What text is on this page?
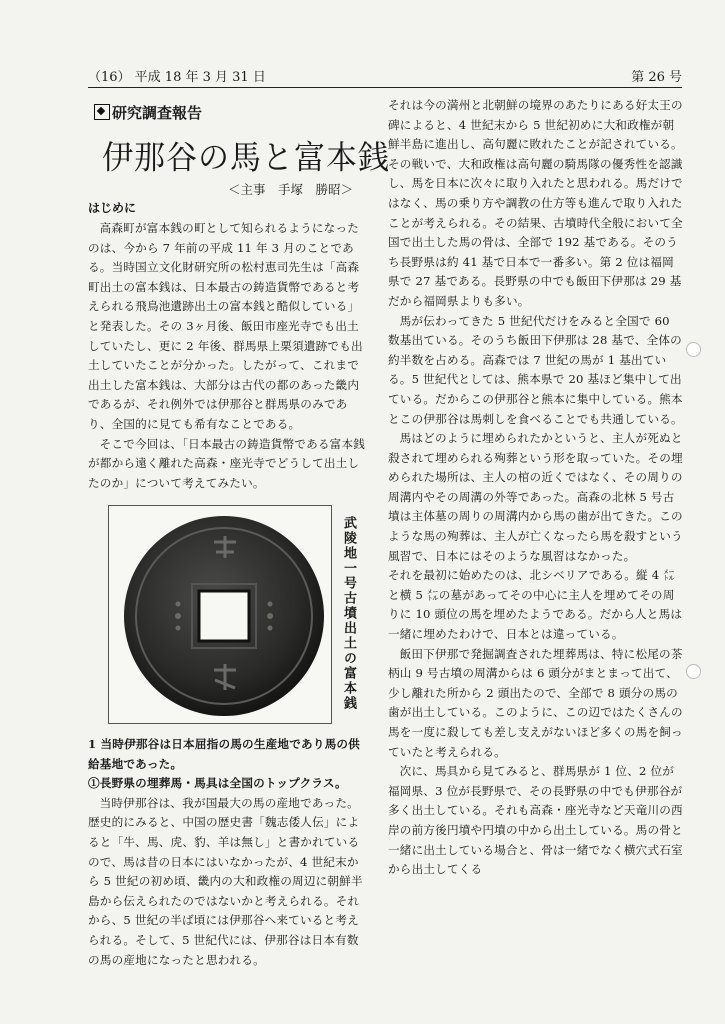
（16） 平成 18 年 3 月 31 日	第 26 号
研究調査報告
伊那谷の馬と富本銭
＜主事　手塚　勝昭＞
はじめに

高森町が富本銭の町として知られるようになったのは、今から 7 年前の平成 11 年 3 月のことである。当時国立文化財研究所の松村恵司先生は「高森町出土の富本銭は、日本最古の鋳造貨幣であると考えられる飛鳥池遺跡出土の富本銭と酷似している」と発表した。その 3ヶ月後、飯田市座光寺でも出土していたし、更に 2 年後、群馬県上栗須遺跡でも出土していたことが分かった。したがって、これまで出土した富本銭は、大部分は古代の都のあった畿内であるが、それ例外では伊那谷と群馬県のみであり、全国的に見ても希有なことである。

そこで今回は、「日本最古の鋳造貨幣である富本銭が都から遠く離れた高森・座光寺でどうして出土したのか」について考えてみたい。

武陵地一号古墳出土の富本銭

1 当時伊那谷は日本屈指の馬の生産地であり馬の供給基地であった。

①長野県の埋葬馬・馬具は全国のトップクラス。

当時伊那谷は、我が国最大の馬の産地であった。歴史的にみると、中国の歴史書「魏志倭人伝」によると「牛、馬、虎、豹、羊は無し」と書かれているので、馬は昔の日本にはいなかったが、4 世紀末から 5 世紀の初め頃、畿内の大和政権の周辺に朝鮮半島から伝えられたのではないかと考えられる。それから、5 世紀の半ば頃には伊那谷へ来ていると考えられる。そして、5 世紀代には、伊那谷は日本有数の馬の産地になったと思われる。

それは今の満州と北朝鮮の境界のあたりにある好太王の碑によると、4 世紀末から 5 世紀初めに大和政権が朝鮮半島に進出し、高句麗に敗れたことが記されている。その戦いで、大和政権は高句麗の騎馬隊の優秀性を認識し、馬を日本に次々に取り入れたと思われる。馬だけではなく、馬の乗り方や調教の仕方等も進んで取り入れたことが考えられる。その結果、古墳時代全般において全国で出土した馬の骨は、全部で 192 基である。そのうち長野県は約 41 基で日本で一番多い。第 2 位は福岡県で 27 基である。長野県の中でも飯田下伊那は 29 基だから福岡県よりも多い。

馬が伝わってきた 5 世紀代だけをみると全国で 60 数基出ている。そのうち飯田下伊那は 28 基で、全体の約半数を占める。高森では 7 世紀の馬が 1 基出ている。5 世紀代としては、熊本県で 20 基ほど集中して出ている。だからこの伊那谷と熊本に集中している。熊本とこの伊那谷は馬刺しを食べることでも共通している。

馬はどのように埋められたかというと、主人が死ぬと殺されて埋められる殉葬という形を取っていた。その埋められた場所は、主人の棺の近くではなく、その周りの周溝内やその周溝の外等であった。高森の北林 5 号古墳は主体墓の周りの周溝内から馬の歯が出てきた。このような馬の殉葬は、主人が亡くなったら馬を殺すという風習で、日本にはそのような風習はなかった。

それを最初に始めたのは、北シベリアである。縦 4 ㍍と横 5 ㍍の墓があってその中心に主人を埋めてその周りに 10 頭位の馬を埋めたようである。だから人と馬は一緒に埋めたわけで、日本とは違っている。

飯田下伊那で発掘調査された埋葬馬は、特に松尾の茶柄山 9 号古墳の周溝からは 6 頭分がまとまって出て、少し離れた所から 2 頭出たので、全部で 8 頭分の馬の歯が出土している。このように、この辺ではたくさんの馬を一度に殺しても差し支えがないほど多くの馬を飼っていたと考えられる。

次に、馬具から見てみると、群馬県が 1 位、2 位が福岡県、3 位が長野県で、その長野県の中でも伊那谷が多く出土している。それも高森・座光寺など天竜川の西岸の前方後円墳や円墳の中から出土している。馬の骨と一緒に出土している場合と、骨は一緒でなく横穴式石室から出土してくる
